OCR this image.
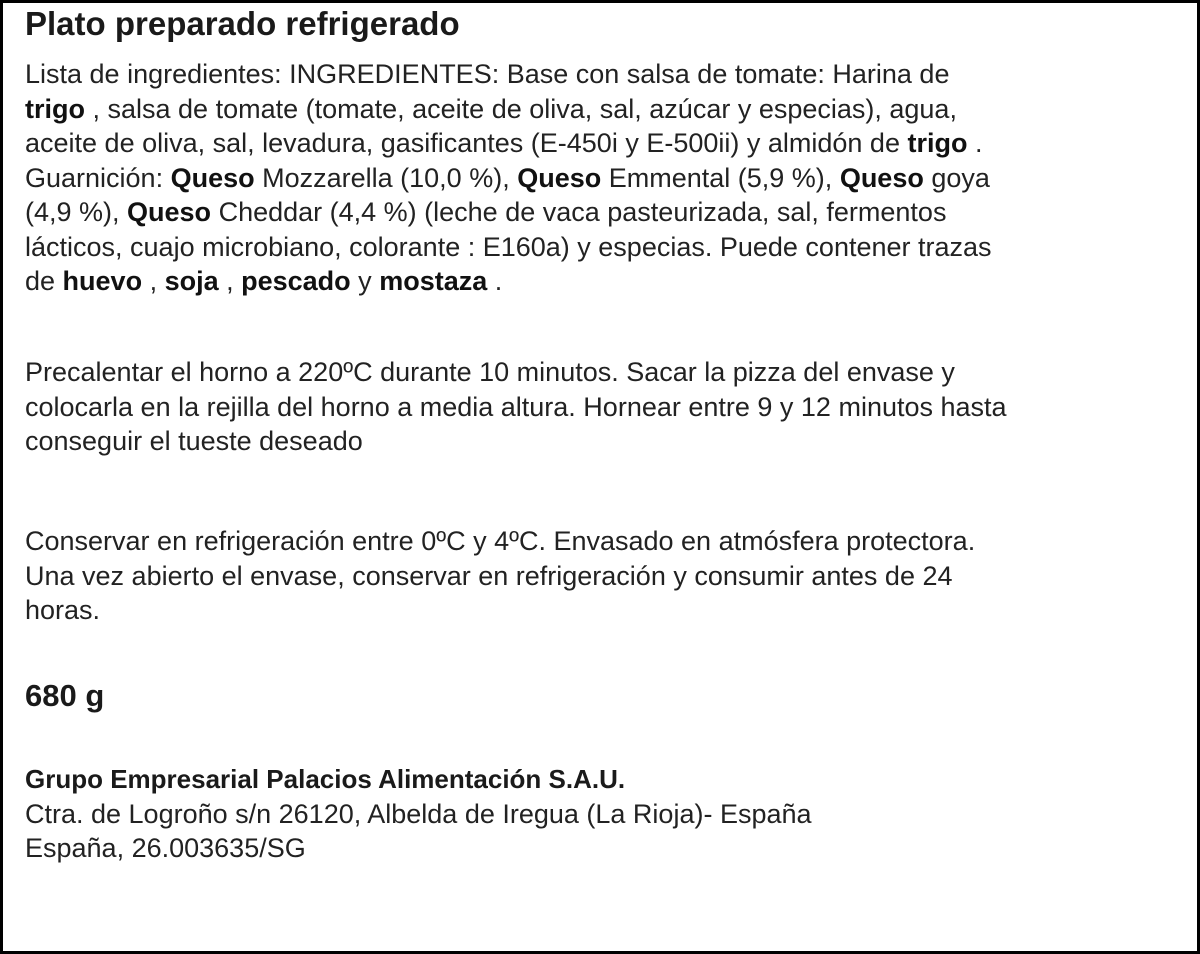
Plato preparado refrigerado
Lista de ingredientes: INGREDIENTES: Base con salsa de tomate: Harina de
trigo , salsa de tomate (tomate, aceite de oliva, sal, azúcar y especias), agua,
aceite de oliva, sal, levadura, gasificantes (E-450i y E-500ii) y almidón de trigo .
Guarnición: Queso Mozzarella (10,0 %), Queso Emmental (5,9 %), Queso goya
(4,9 %), Queso Cheddar (4,4 %) (leche de vaca pasteurizada, sal, fermentos
lácticos, cuajo microbiano, colorante : E160a) y especias. Puede contener trazas
de huevo , soja , pescado y mostaza .
Precalentar el horno a 220ºC durante 10 minutos. Sacar la pizza del envase y
colocarla en la rejilla del horno a media altura. Hornear entre 9 y 12 minutos hasta
conseguir el tueste deseado
Conservar en refrigeración entre 0ºC y 4ºC. Envasado en atmósfera protectora.
Una vez abierto el envase, conservar en refrigeración y consumir antes de 24
horas.
680 g
Grupo Empresarial Palacios Alimentación S.A.U.
Ctra. de Logroño s/n 26120, Albelda de Iregua (La Rioja)- España
España, 26.003635/SG
